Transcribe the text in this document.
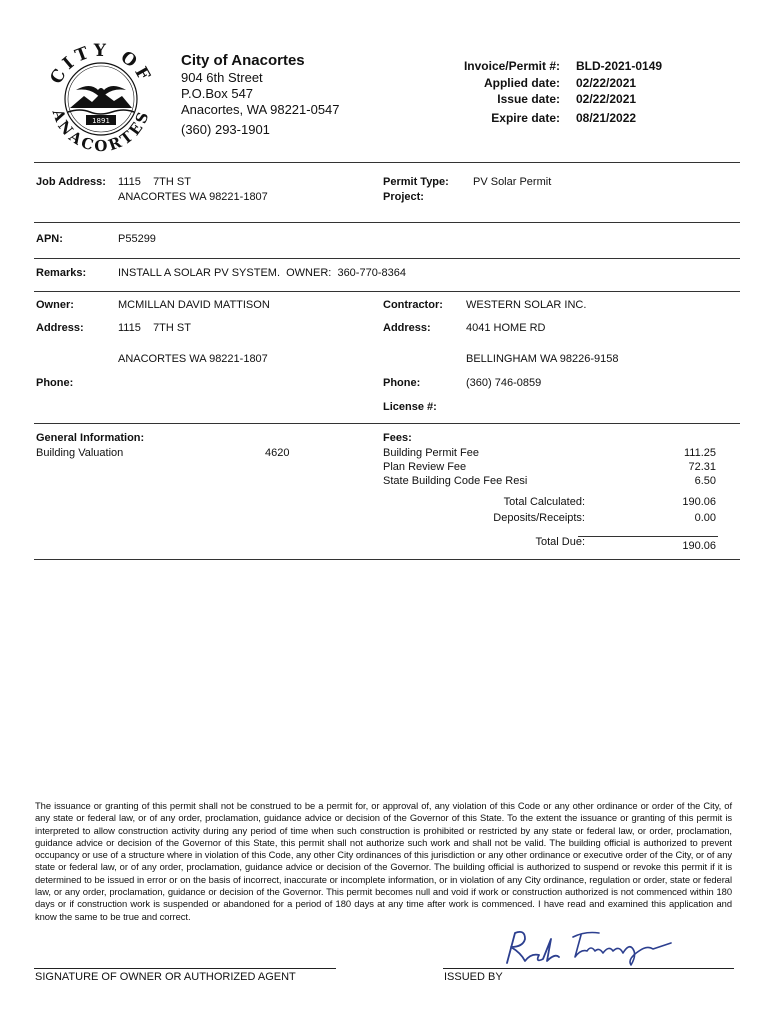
CITY OF
ANACORTES
1891
City of Anacortes
904 6th Street
P.O.Box 547
Anacortes, WA 98221-0547
(360) 293-1901
Invoice/Permit #: BLD-2021-0149
Applied date: 02/22/2021
Issue date: 02/22/2021
Expire date: 08/21/2022
Job Address: 1115    7TH ST
ANACORTES WA 98221-1807
Permit Type: PV Solar Permit
Project:
APN:	P55299
Remarks:	INSTALL A SOLAR PV SYSTEM.  OWNER:  360-770-8364
Owner:	MCMILLAN DAVID MATTISON
Address:	1115    7TH ST
ANACORTES WA 98221-1807
Phone:
Contractor: WESTERN SOLAR INC.
Address:	4041 HOME RD
BELLINGHAM WA 98226-9158
Phone:	(360) 746-0859
License #:
General Information:
Building Valuation	4620
Fees:
Building Permit Fee	111.25
Plan Review Fee	72.31
State Building Code Fee Resi	6.50
Total Calculated:	190.06
Deposits/Receipts:	0.00
Total Due:	190.06
The issuance or granting of this permit shall not be construed to be a permit for, or approval of, any violation of this Code or any other ordinance or order of the City, of any state or federal law, or of any order, proclamation, guidance advice or decision of the Governor of this State. To the extent the issuance or granting of this permit is interpreted to allow construction activity during any period of time when such construction is prohibited or restricted by any state or federal law, or order, proclamation, guidance advice or decision of the Governor of this State, this permit shall not authorize such work and shall not be valid. The building official is authorized to prevent occupancy or use of a structure where in violation of this Code, any other City ordinances of this jurisdiction or any other ordinance or executive order of the City, or of any state or federal law, or of any order, proclamation, guidance advice or decision of the Governor. The building official is authorized to suspend or revoke this permit if it is determined to be issued in error or on the basis of incorrect, inaccurate or incomplete information, or in violation of any City ordinance, regulation or order, state or federal law, or any order, proclamation, guidance or decision of the Governor. This permit becomes null and void if work or construction authorized is not commenced within 180 days or if construction work is suspended or abandoned for a period of 180 days at any time after work is commenced. I have read and examined this application and know the same to be true and correct.
SIGNATURE OF OWNER OR AUTHORIZED AGENT	ISSUED BY
